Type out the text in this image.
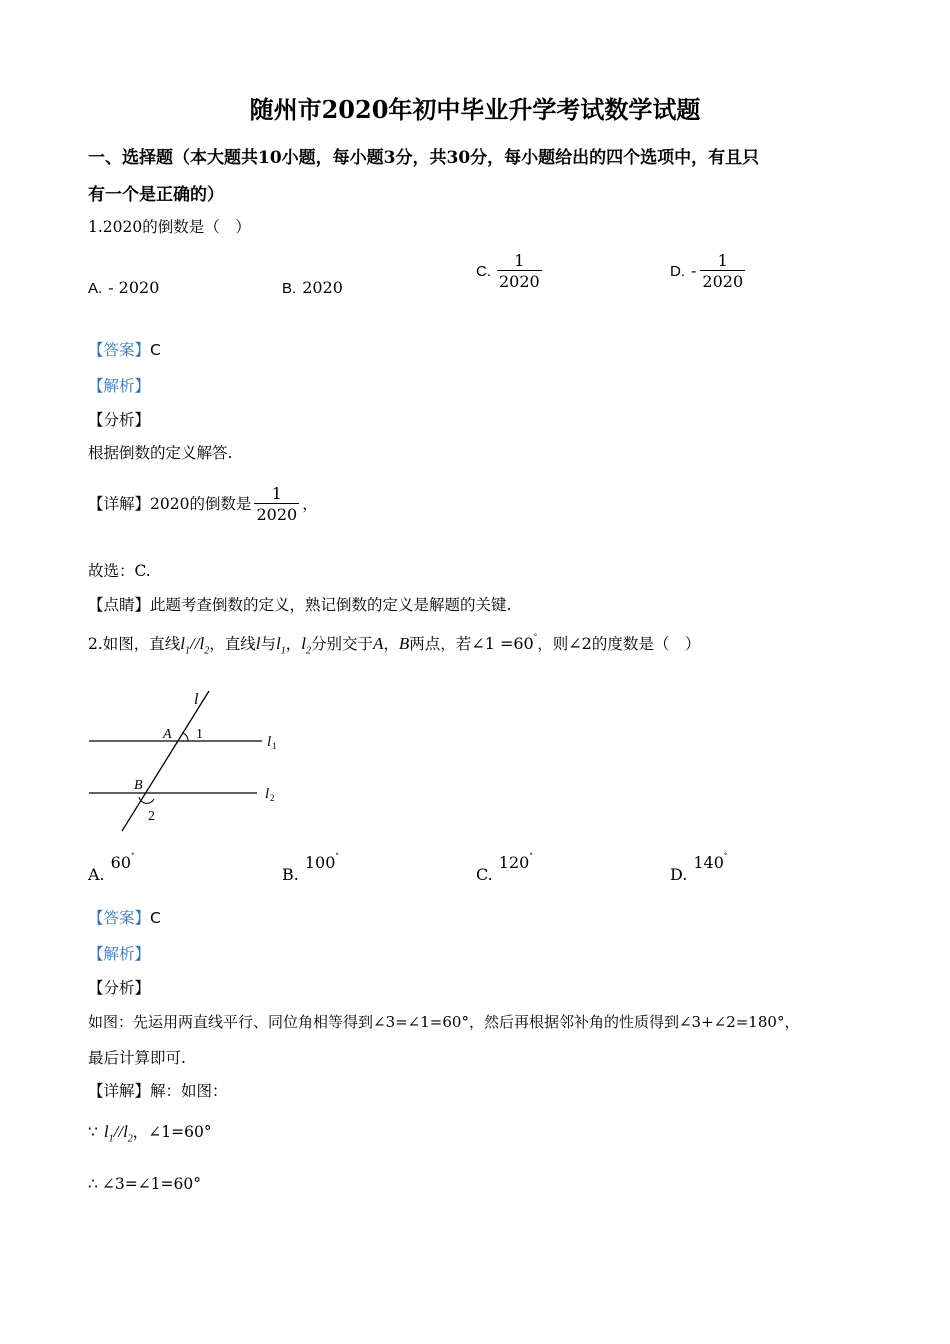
随州市2020年初中毕业升学考试数学试题
一、选择题（本大题共10小题，每小题3分，共30分，每小题给出的四个选项中，有且只
有一个是正确的）
1.2020的倒数是（　）
A. - 2020	B. 2020
C. $\frac{1}{2020}$	D. - $\frac{1}{2020}$
【答案】C
【解析】
【分析】
根据倒数的定义解答.
【详解】2020的倒数是 $\frac{1}{2020}$ ，
故选：C.
【点睛】此题考查倒数的定义，熟记倒数的定义是解题的关键.
2.如图，直线$l_1//l_2$，直线l与$l_1$，$l_2$分别交于A，B两点，若∠1 =60°，则∠2的度数是（　）
l
A 1	l 1
B
l 2
2
A.60°
B.100°
C.120°
D.140°
【答案】C
【解析】
【分析】
如图：先运用两直线平行、同位角相等得到∠3=∠1=60°，然后再根据邻补角的性质得到∠3+∠2=180°，
最后计算即可.
【详解】解：如图：
∵ $l_1//l_2$，∠1=60°
∴ ∠3=∠1=60°
